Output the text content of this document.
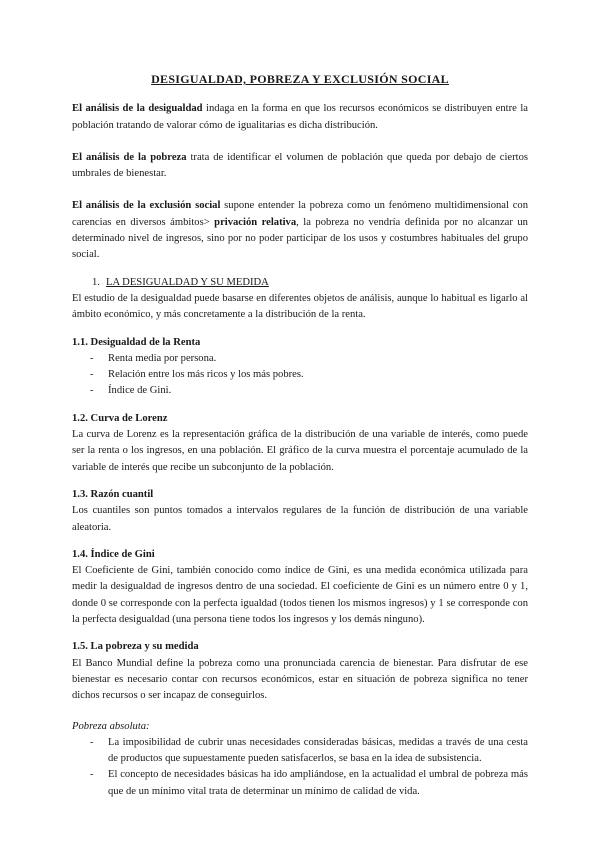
DESIGUALDAD, POBREZA Y EXCLUSIÓN SOCIAL

El análisis de la desigualdad indaga en la forma en que los recursos económicos se distribuyen entre la población tratando de valorar cómo de igualitarias es dicha distribución.

El análisis de la pobreza trata de identificar el volumen de población que queda por debajo de ciertos umbrales de bienestar.

El análisis de la exclusión social supone entender la pobreza como un fenómeno multidimensional con carencias en diversos ámbitos> privación relativa, la pobreza no vendría definida por no alcanzar un determinado nivel de ingresos, sino por no poder participar de los usos y costumbres habituales del grupo social.

1. LA DESIGUALDAD Y SU MEDIDA

El estudio de la desigualdad puede basarse en diferentes objetos de análisis, aunque lo habitual es ligarlo al ámbito económico, y más concretamente a la distribución de la renta.

1.1. Desigualdad de la Renta
- Renta media por persona.
- Relación entre los más ricos y los más pobres.
- Índice de Gini.
1.2. Curva de Lorenz

La curva de Lorenz es la representación gráfica de la distribución de una variable de interés, como puede ser la renta o los ingresos, en una población. El gráfico de la curva muestra el porcentaje acumulado de la variable de interés que recibe un subconjunto de la población.

1.3. Razón cuantil

Los cuantiles son puntos tomados a intervalos regulares de la función de distribución de una variable aleatoria.

1.4. Índice de Gini

El Coeficiente de Gini, también conocido como índice de Gini, es una medida económica utilizada para medir la desigualdad de ingresos dentro de una sociedad. El coeficiente de Gini es un número entre 0 y 1, donde 0 se corresponde con la perfecta igualdad (todos tienen los mismos ingresos) y 1 se corresponde con la perfecta desigualdad (una persona tiene todos los ingresos y los demás ninguno).

1.5. La pobreza y su medida

El Banco Mundial define la pobreza como una pronunciada carencia de bienestar. Para disfrutar de ese bienestar es necesario contar con recursos económicos, estar en situación de pobreza significa no tener dichos recursos o ser incapaz de conseguirlos.

Pobreza absoluta:

- La imposibilidad de cubrir unas necesidades consideradas básicas, medidas a través de una cesta de productos que supuestamente pueden satisfacerlos, se basa en la idea de subsistencia.
- El concepto de necesidades básicas ha ido ampliándose, en la actualidad el umbral de pobreza más que de un mínimo vital trata de determinar un mínimo de calidad de vida.
